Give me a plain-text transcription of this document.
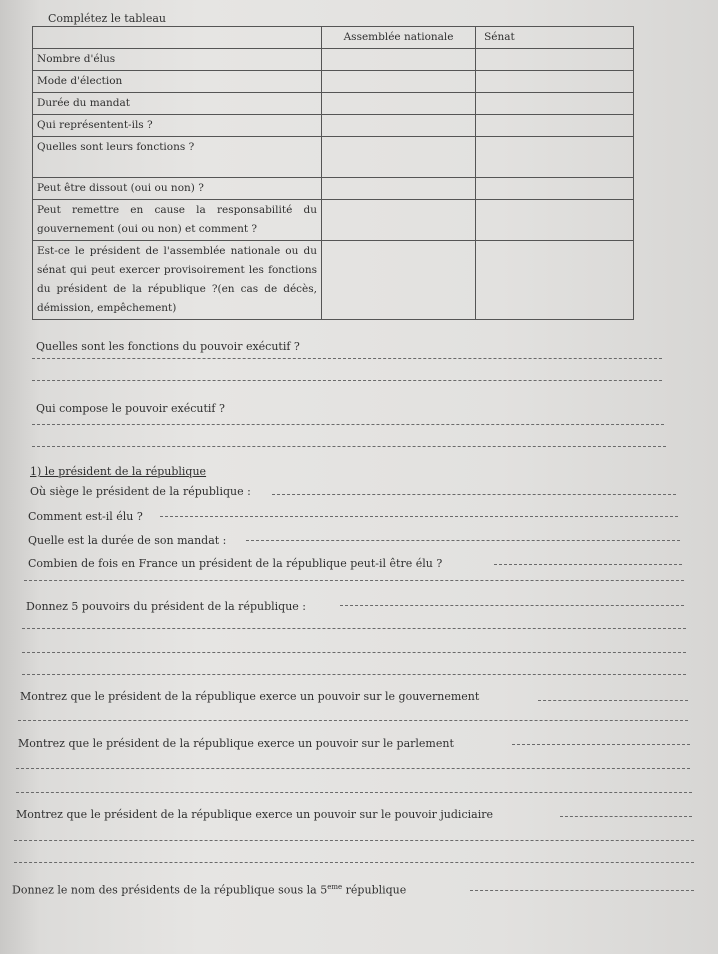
Complétez le tableau
	Assemblée nationale	Sénat
Nombre d'élus		
Mode d'élection		
Durée du mandat		
Qui représentent-ils ?		
Quelles sont leurs fonctions ?		
Peut être dissout (oui ou non) ?		
Peut remettre en cause la responsabilité du gouvernement (oui ou non) et comment ?		
Est-ce le président de l'assemblée nationale ou du sénat qui peut exercer provisoirement les fonctions du président de la république ?(en cas de décès, démission, empêchement)		
Quelles sont les fonctions du pouvoir exécutif ?
Qui compose le pouvoir exécutif ?
1) le président de la république
Où siège le président de la république :
Comment est-il élu ?
Quelle est la durée de son mandat :
Combien de fois en France un président de la république peut-il être élu ?
Donnez 5 pouvoirs du président de la république :
Montrez que le président de la république exerce un pouvoir sur le gouvernement
Montrez que le président de la république exerce un pouvoir sur le parlement
Montrez que le président de la république exerce un pouvoir sur le pouvoir judiciaire
Donnez le nom des présidents de la république sous la 5eme république
